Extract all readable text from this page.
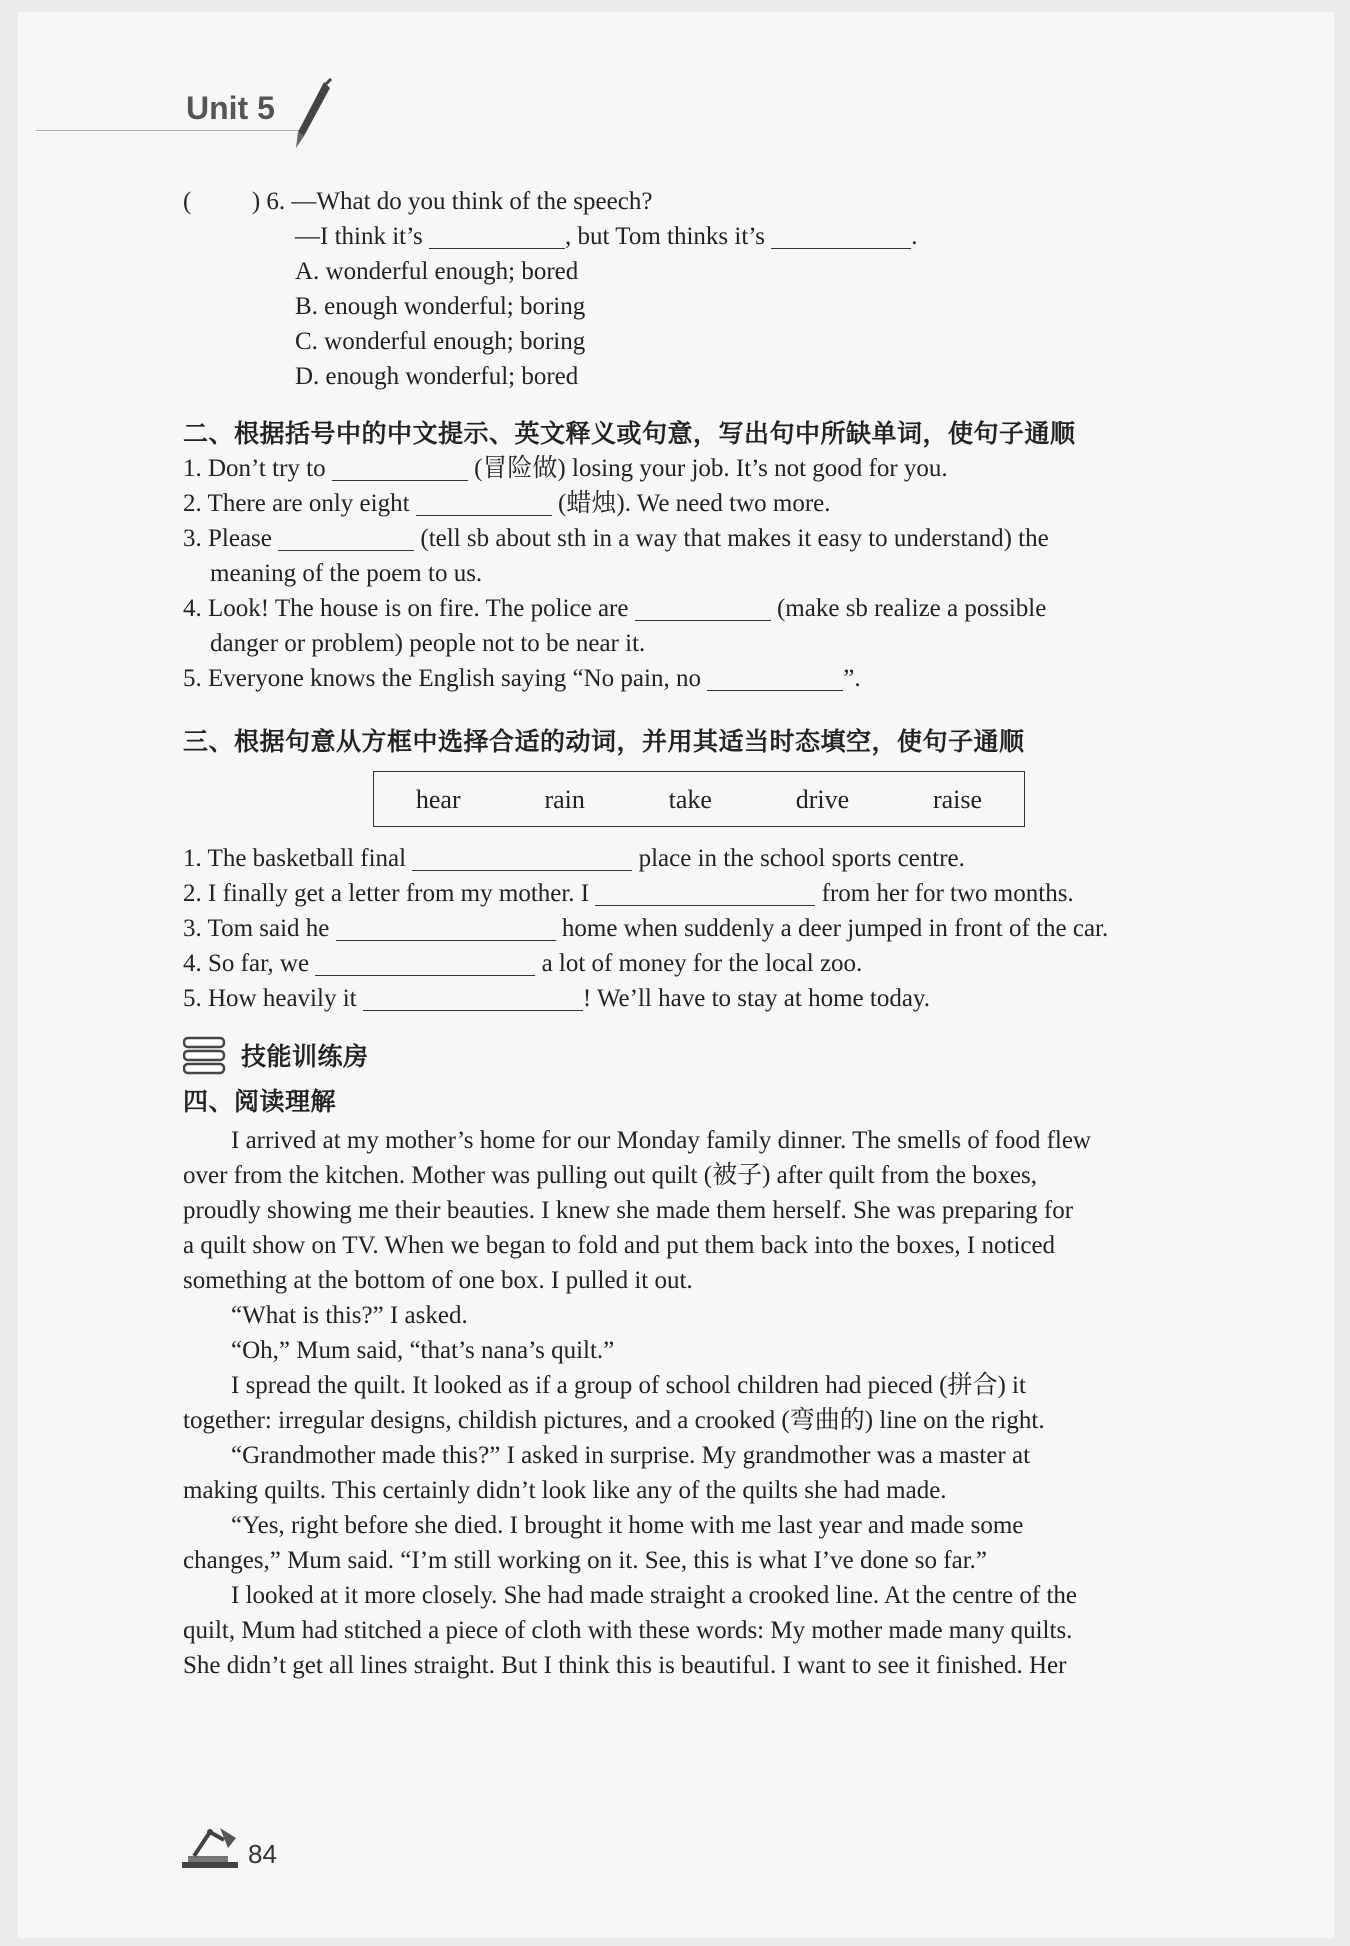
Unit 5
( ) 6. —What do you think of the speech?
—I think it’s	, but Tom thinks it’s	.
A. wonderful enough; bored
B. enough wonderful; boring
C. wonderful enough; boring
D. enough wonderful; bored
二、根据括号中的中文提示、英文释义或句意，写出句中所缺单词，使句子通顺
1. Don’t try to	(冒险做) losing your job. It’s not good for you.
2. There are only eight	(蜡烛). We need two more.
3. Please	(tell sb about sth in a way that makes it easy to understand) the
meaning of the poem to us.
4. Look! The house is on fire. The police are	(make sb realize a possible
danger or problem) people not to be near it.
5. Everyone knows the English saying “No pain, no	”.
三、根据句意从方框中选择合适的动词，并用其适当时态填空，使句子通顺
hear	rain	take	drive	raise
1. The basketball final	place in the school sports centre.
2. I finally get a letter from my mother. I	from her for two months.
3. Tom said he	home when suddenly a deer jumped in front of the car.
4. So far, we	a lot of money for the local zoo.
5. How heavily it	! We’ll have to stay at home today.
技能训练房
四、阅读理解
I arrived at my mother’s home for our Monday family dinner. The smells of food flew
over from the kitchen. Mother was pulling out quilt (被子) after quilt from the boxes,
proudly showing me their beauties. I knew she made them herself. She was preparing for
a quilt show on TV. When we began to fold and put them back into the boxes, I noticed
something at the bottom of one box. I pulled it out.
“What is this?” I asked.
“Oh,” Mum said, “that’s nana’s quilt.”
I spread the quilt. It looked as if a group of school children had pieced (拼合) it
together: irregular designs, childish pictures, and a crooked (弯曲的) line on the right.
“Grandmother made this?” I asked in surprise. My grandmother was a master at
making quilts. This certainly didn’t look like any of the quilts she had made.
“Yes, right before she died. I brought it home with me last year and made some
changes,” Mum said. “I’m still working on it. See, this is what I’ve done so far.”
I looked at it more closely. She had made straight a crooked line. At the centre of the
quilt, Mum had stitched a piece of cloth with these words: My mother made many quilts.
She didn’t get all lines straight. But I think this is beautiful. I want to see it finished. Her
84
